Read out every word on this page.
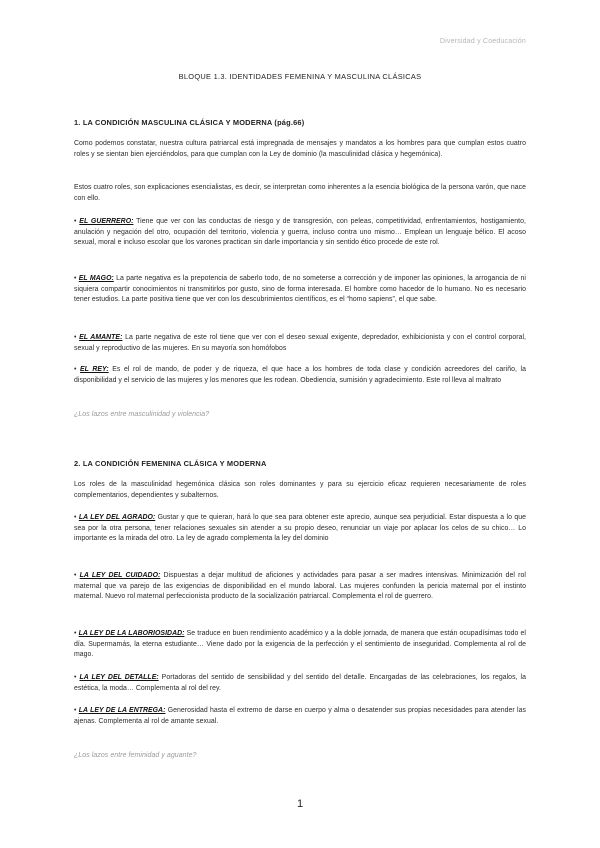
Diversidad y Coeducación
BLOQUE 1.3. IDENTIDADES FEMENINA Y MASCULINA CLÁSICAS
1. LA CONDICIÓN MASCULINA CLÁSICA Y MODERNA (pág.66)

Como podemos constatar, nuestra cultura patriarcal está impregnada de mensajes y mandatos a los hombres para que cumplan estos cuatro roles y se sientan bien ejerciéndolos, para que cumplan con la Ley de dominio (la masculinidad clásica y hegemónica).

Estos cuatro roles, son explicaciones esencialistas, es decir, se interpretan como inherentes a la esencia biológica de la persona varón, que nace con ello.

• EL GUERRERO: Tiene que ver con las conductas de riesgo y de transgresión, con peleas, competitividad, enfrentamientos, hostigamiento, anulación y negación del otro, ocupación del territorio, violencia y guerra, incluso contra uno mismo… Emplean un lenguaje bélico. El acoso sexual, moral e incluso escolar que los varones practican sin darle importancia y sin sentido ético procede de este rol.

• EL MAGO: La parte negativa es la prepotencia de saberlo todo, de no someterse a corrección y de imponer las opiniones, la arrogancia de ni siquiera compartir conocimientos ni transmitirlos por gusto, sino de forma interesada. El hombre como hacedor de lo humano. No es necesario tener estudios. La parte positiva tiene que ver con los descubrimientos científicos, es el “homo sapiens”, el que sabe.

• EL AMANTE: La parte negativa de este rol tiene que ver con el deseo sexual exigente, depredador, exhibicionista y con el control corporal, sexual y reproductivo de las mujeres. En su mayoría son homófobos

• EL REY: Es el rol de mando, de poder y de riqueza, el que hace a los hombres de toda clase y condición acreedores del cariño, la disponibilidad y el servicio de las mujeres y los menores que les rodean. Obediencia, sumisión y agradecimiento. Este rol lleva al maltrato

¿Los lazos entre masculinidad y violencia?

2. LA CONDICIÓN FEMENINA CLÁSICA Y MODERNA

Los roles de la masculinidad hegemónica clásica son roles dominantes y para su ejercicio eficaz requieren necesariamente de roles complementarios, dependientes y subalternos.

• LA LEY DEL AGRADO: Gustar y que te quieran, hará lo que sea para obtener este aprecio, aunque sea perjudicial. Estar dispuesta a lo que sea por la otra persona, tener relaciones sexuales sin atender a su propio deseo, renunciar un viaje por aplacar los celos de su chico… Lo importante es la mirada del otro. La ley de agrado complementa la ley del dominio

• LA LEY DEL CUIDADO: Dispuestas a dejar multitud de aficiones y actividades para pasar a ser madres intensivas. Minimización del rol maternal que va parejo de las exigencias de disponibilidad en el mundo laboral. Las mujeres confunden la pericia maternal por el instinto maternal. Nuevo rol maternal perfeccionista producto de la socialización patriarcal. Complementa el rol de guerrero.

• LA LEY DE LA LABORIOSIDAD: Se traduce en buen rendimiento académico y a la doble jornada, de manera que están ocupadísimas todo el día. Supermamás, la eterna estudiante… Viene dado por la exigencia de la perfección y el sentimiento de inseguridad. Complementa al rol de mago.

• LA LEY DEL DETALLE: Portadoras del sentido de sensibilidad y del sentido del detalle. Encargadas de las celebraciones, los regalos, la estética, la moda… Complementa al rol del rey.

• LA LEY DE LA ENTREGA: Generosidad hasta el extremo de darse en cuerpo y alma o desatender sus propias necesidades para atender las ajenas. Complementa al rol de amante sexual.

¿Los lazos entre feminidad y aguante?

1
